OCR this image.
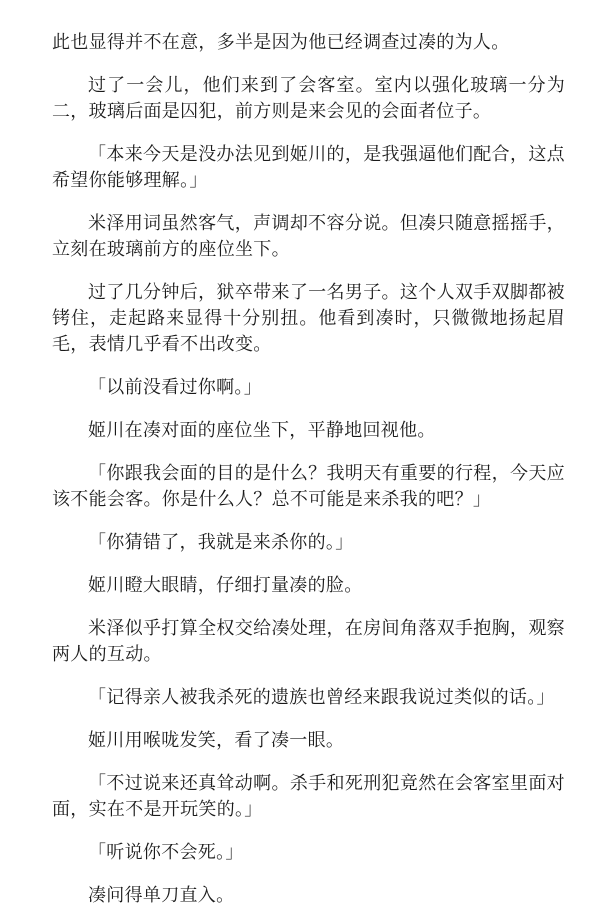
此也显得并不在意，多半是因为他已经调查过凑的为人。

过了一会儿，他们来到了会客室。室内以强化玻璃一分为二，玻璃后面是囚犯，前方则是来会见的会面者位子。

「本来今天是没办法见到姬川的，是我强逼他们配合，这点希望你能够理解。」

米泽用词虽然客气，声调却不容分说。但凑只随意摇摇手，立刻在玻璃前方的座位坐下。

过了几分钟后，狱卒带来了一名男子。这个人双手双脚都被铐住，走起路来显得十分别扭。他看到凑时，只微微地扬起眉毛，表情几乎看不出改变。

「以前没看过你啊。」

姬川在凑对面的座位坐下，平静地回视他。

「你跟我会面的目的是什么？我明天有重要的行程，今天应该不能会客。你是什么人？总不可能是来杀我的吧？」

「你猜错了，我就是来杀你的。」

姬川瞪大眼睛，仔细打量凑的脸。

米泽似乎打算全权交给凑处理，在房间角落双手抱胸，观察两人的互动。

「记得亲人被我杀死的遗族也曾经来跟我说过类似的话。」

姬川用喉咙发笑，看了凑一眼。

「不过说来还真耸动啊。杀手和死刑犯竟然在会客室里面对面，实在不是开玩笑的。」

「听说你不会死。」

凑问得单刀直入。
